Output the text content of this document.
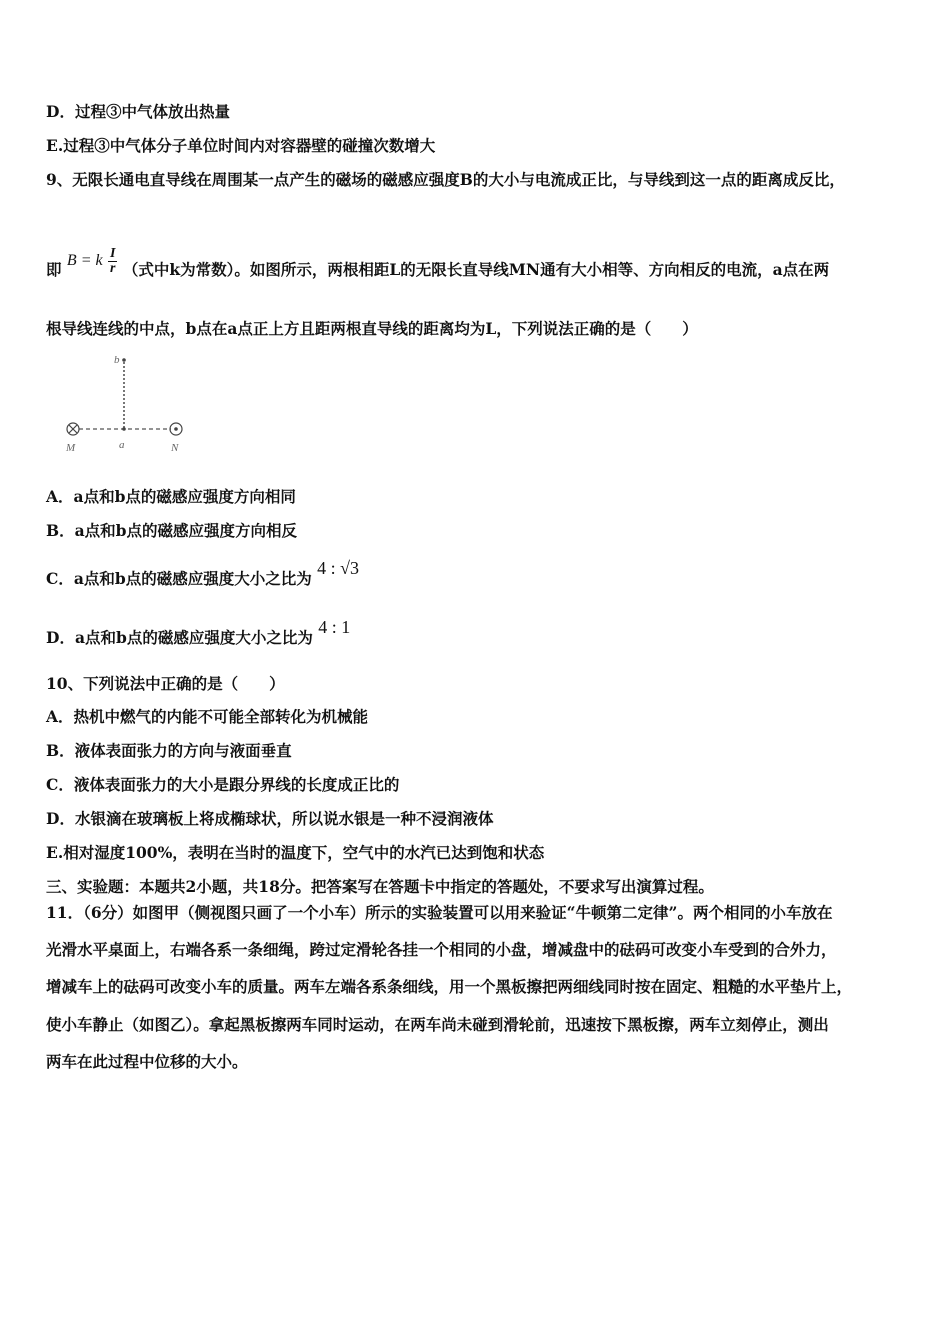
D．过程③中气体放出热量
E.过程③中气体分子单位时间内对容器壁的碰撞次数增大
9、无限长通电直导线在周围某一点产生的磁场的磁感应强度B的大小与电流成正比，与导线到这一点的距离成反比，
即 B = k $\frac{I}{r}$ （式中k为常数）。如图所示，两根相距L的无限长直导线MN通有大小相等、方向相反的电流，a点在两
根导线连线的中点，b点在a点正上方且距两根直导线的距离均为L，下列说法正确的是（　　）
b
M	a	N
A．a点和b点的磁感应强度方向相同
B．a点和b点的磁感应强度方向相反
C．a点和b点的磁感应强度大小之比为 4 : √3
D．a点和b点的磁感应强度大小之比为 4 : 1
10、下列说法中正确的是（　　）
A．热机中燃气的内能不可能全部转化为机械能
B．液体表面张力的方向与液面垂直
C．液体表面张力的大小是跟分界线的长度成正比的
D．水银滴在玻璃板上将成椭球状，所以说水银是一种不浸润液体
E.相对湿度100%，表明在当时的温度下，空气中的水汽已达到饱和状态
三、实验题：本题共2小题，共18分。把答案写在答题卡中指定的答题处，不要求写出演算过程。
11．（6分）如图甲（侧视图只画了一个小车）所示的实验装置可以用来验证“牛顿第二定律”。两个相同的小车放在
光滑水平桌面上，右端各系一条细绳，跨过定滑轮各挂一个相同的小盘，增减盘中的砝码可改变小车受到的合外力，
增减车上的砝码可改变小车的质量。两车左端各系条细线，用一个黑板擦把两细线同时按在固定、粗糙的水平垫片上，
使小车静止（如图乙）。拿起黑板擦两车同时运动，在两车尚未碰到滑轮前，迅速按下黑板擦，两车立刻停止，测出
两车在此过程中位移的大小。
